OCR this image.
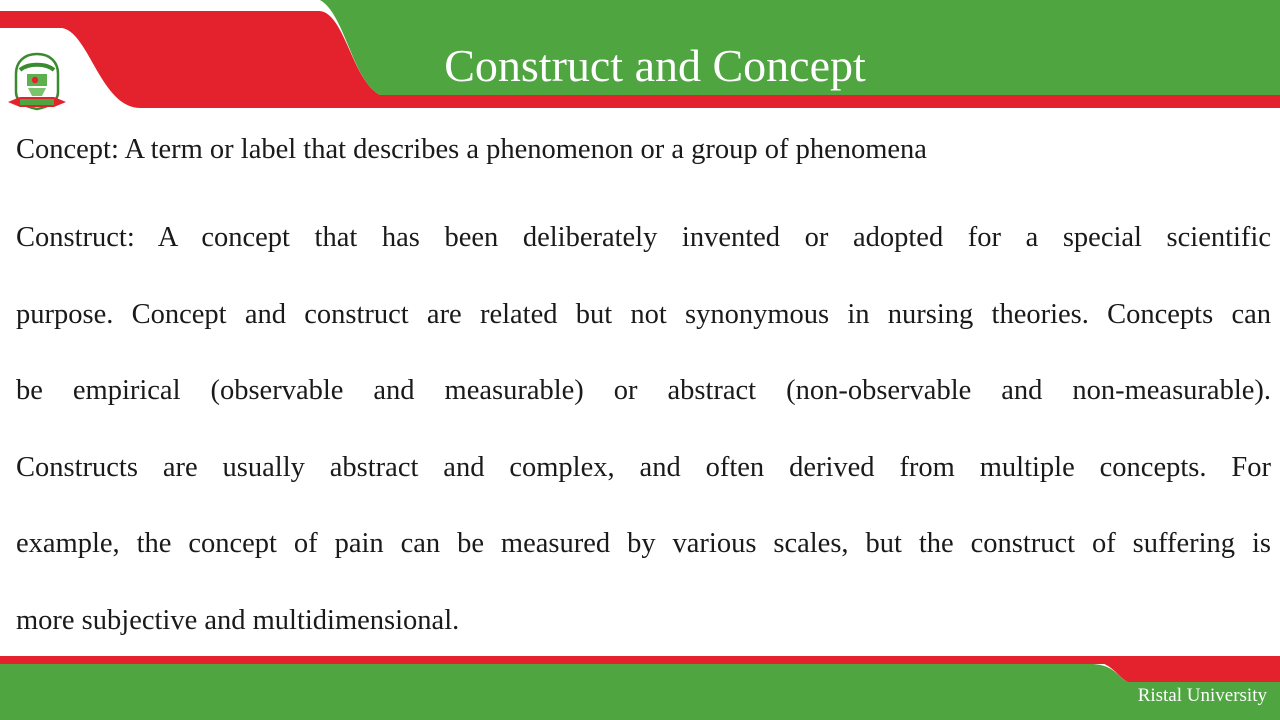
Construct and Concept

Concept: A term or label that describes a phenomenon or a group of phenomena

Construct: A concept that has been deliberately invented or adopted for a special scientific
purpose. Concept and construct are related but not synonymous in nursing theories. Concepts can
be empirical (observable and measurable) or abstract (non-observable and non-measurable).
Constructs are usually abstract and complex, and often derived from multiple concepts. For
example, the concept of pain can be measured by various scales, but the construct of suffering is
more subjective and multidimensional.

Ristal University
